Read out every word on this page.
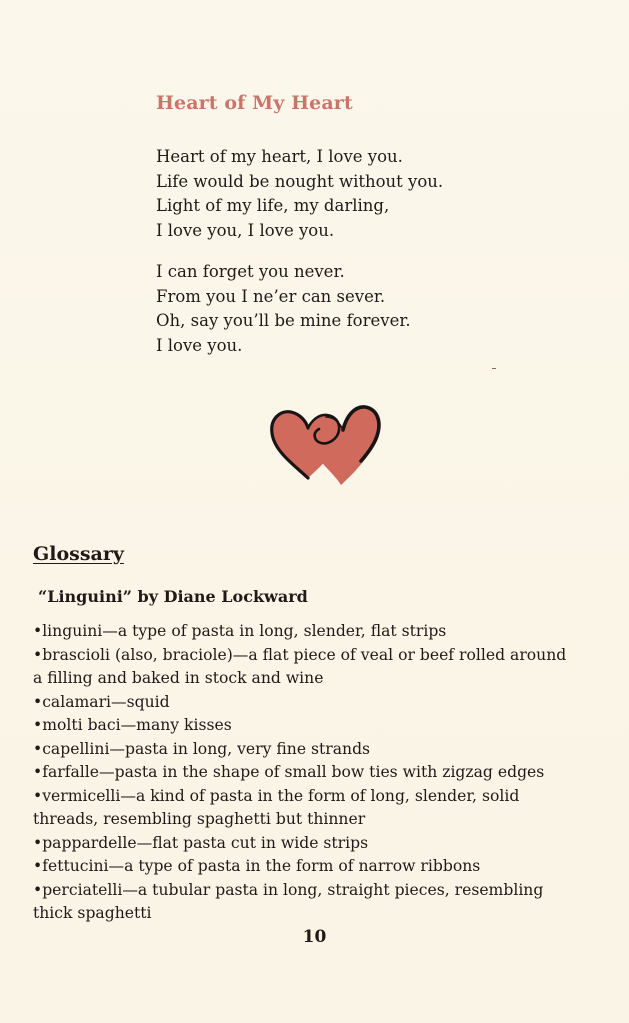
Heart of My Heart
Heart of my heart, I love you.
Life would be nought without you.
Light of my life, my darling,
I love you, I love you.
I can forget you never.
From you I ne’er can sever.
Oh, say you’ll be mine forever.
I love you.
Glossary
“Linguini” by Diane Lockward
•linguini—a type of pasta in long, slender, flat strips
•brascioli (also, braciole)—a flat piece of veal or beef rolled around
a filling and baked in stock and wine
•calamari—squid
•molti baci—many kisses
•capellini—pasta in long, very fine strands
•farfalle—pasta in the shape of small bow ties with zigzag edges
•vermicelli—a kind of pasta in the form of long, slender, solid
threads, resembling spaghetti but thinner
•pappardelle—flat pasta cut in wide strips
•fettucini—a type of pasta in the form of narrow ribbons
•perciatelli—a tubular pasta in long, straight pieces, resembling
thick spaghetti
10
